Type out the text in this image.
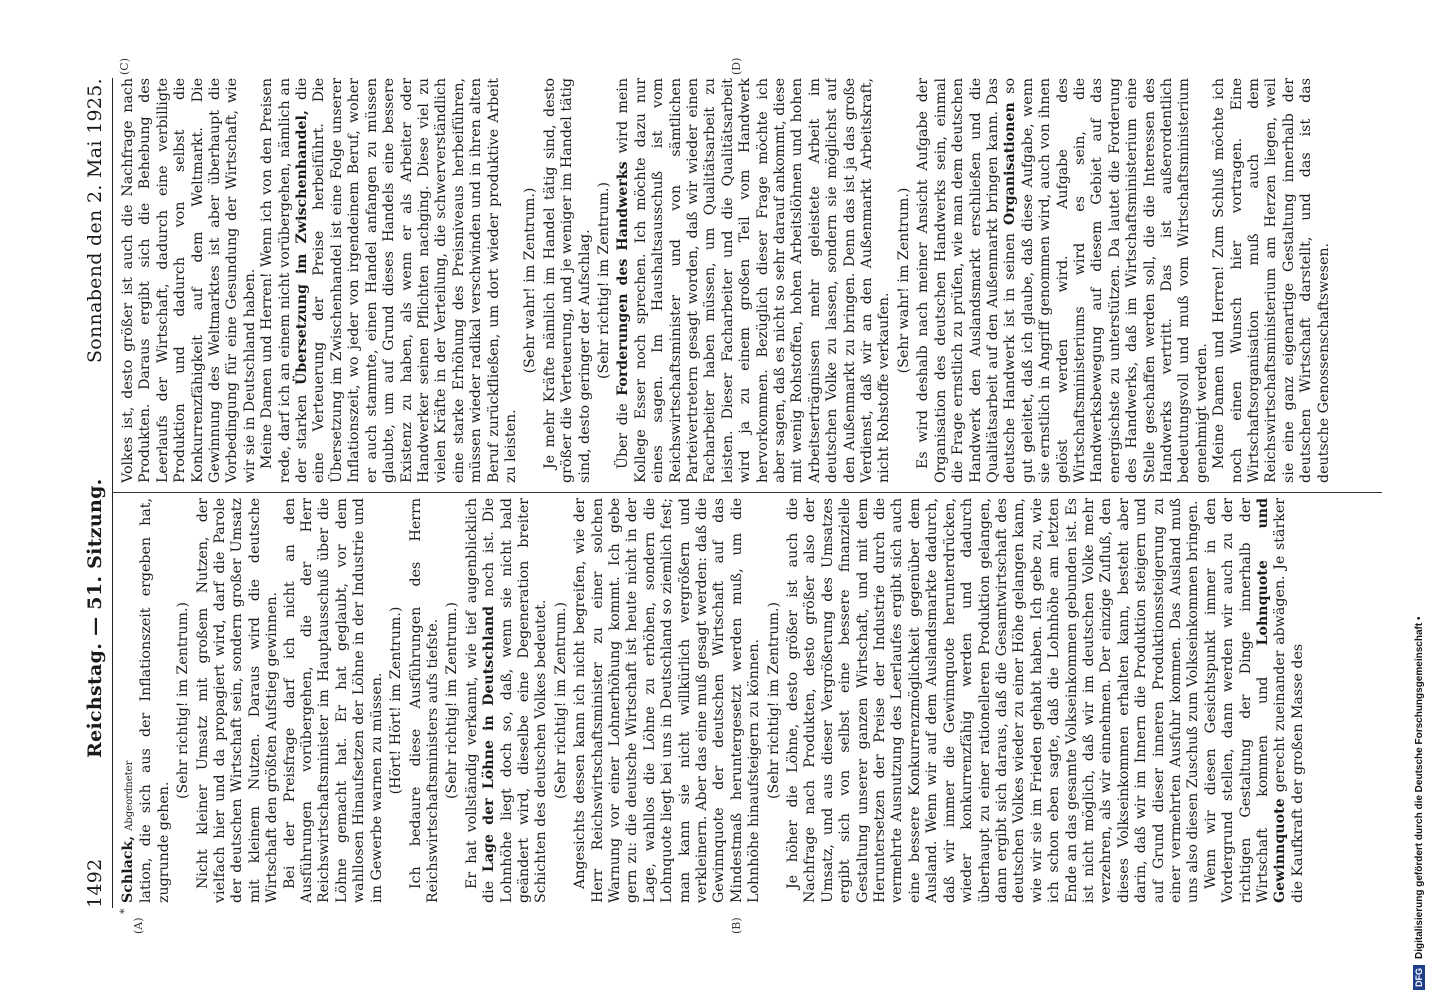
1492
Reichstag. — 51. Sitzung.
Sonnabend den 2. Mai 1925.
*
(A)	(B)
(C)	(D)

Schlack, Abgeordneter lation, die sich aus der Inflationszeit ergeben hat, zugrunde gehen.

(Sehr richtig! im Zentrum.) Nicht kleiner Umsatz mit großem Nutzen, der vielfach hier und da propagiert wird, darf die Parole der deutschen Wirtschaft sein, sondern großer Umsatz mit kleinem Nutzen. Daraus wird die deutsche Wirtschaft den größten Aufstieg gewinnen. Bei der Preisfrage darf ich nicht an den Ausführungen vorübergehen, die der Herr Reichswirtschaftsminister im Hauptausschuß über die Löhne gemacht hat. Er hat geglaubt, vor dem wahllosen Hinaufsetzen der Löhne in der Industrie und im Gewerbe warnen zu müssen. (Hört! Hört! im Zentrum.) Ich bedaure diese Ausführungen des Herrn Reichswirtschaftsministers aufs tiefste. (Sehr richtig! im Zentrum.) Er hat vollständig verkannt, wie tief augenblicklich die Lage der Löhne in Deutschland noch ist. Die Lohnhöhe liegt doch so, daß, wenn sie nicht bald geändert wird, dieselbe eine Degeneration breiter Schichten des deutschen Volkes bedeutet. (Sehr richtig! im Zentrum.) Angesichts dessen kann ich nicht begreifen, wie der Herr Reichswirtschaftsminister zu einer solchen Warnung vor einer Lohnerhöhung kommt. Ich gebe gern zu: die deutsche Wirtschaft ist heute nicht in der Lage, wahllos die Löhne zu erhöhen, sondern die Lohnquote liegt bei uns in Deutschland so ziemlich fest; man kann sie nicht willkürlich vergrößern und verkleinern. Aber das eine muß gesagt werden: daß die Gewinnquote der deutschen Wirtschaft auf das Mindestmaß heruntergesetzt werden muß, um die Lohnhöhe hinaufsteigern zu können. (Sehr richtig! im Zentrum.) Je höher die Löhne, desto größer ist auch die Nachfrage nach Produkten, desto größer also der Umsatz, und aus dieser Vergrößerung des Umsatzes ergibt sich von selbst eine bessere finanzielle Gestaltung unserer ganzen Wirtschaft, und mit dem Heruntersetzen der Preise der Industrie durch die vermehrte Ausnutzung des Leerlaufes ergibt sich auch eine bessere Konkurrenzmöglichkeit gegenüber dem Ausland. Wenn wir auf dem Auslandsmarkte dadurch, daß wir immer die Gewinnquote herunterdrücken, wieder konkurrenzfähig werden und dadurch überhaupt zu einer rationelleren Produktion gelangen, dann ergibt sich daraus, daß die Gesamtwirtschaft des deutschen Volkes wieder zu einer Höhe gelangen kann, wie wir sie im Frieden gehabt haben. Ich gebe zu, wie ich schon eben sagte, daß die Lohnhöhe am letzten Ende an das gesamte Volkseinkommen gebunden ist. Es ist nicht möglich, daß wir im deutschen Volke mehr verzehren, als wir einnehmen. Der einzige Zufluß, den dieses Volkseinkommen erhalten kann, besteht aber darin, daß wir im Innern die Produktion steigern und auf Grund dieser inneren Produktionssteigerung zu einer vermehrten Ausfuhr kommen. Das Ausland muß uns also diesen Zuschuß zum Volkseinkommen bringen. Wenn wir diesen Gesichtspunkt immer in den Vordergrund stellen, dann werden wir auch zu der richtigen Gestaltung der Dinge innerhalb der Wirtschaft kommen und Lohnquote und Gewinnquote gerecht zueinander abwägen. Je stärker die Kaufkraft der großen Masse des

Volkes ist, desto größer ist auch die Nachfrage nach Produkten. Daraus ergibt sich die Behebung des Leerlaufs der Wirtschaft, dadurch eine verbilligte Produktion und dadurch von selbst die Konkurrenzfähigkeit auf dem Weltmarkt. Die Gewinnung des Weltmarktes ist aber überhaupt die Vorbedingung für eine Gesundung der Wirtschaft, wie wir sie in Deutschland haben. Meine Damen und Herren! Wenn ich von den Preisen rede, darf ich an einem nicht vorübergehen, nämlich an der starken Übersetzung im Zwischenhandel, die eine Verteuerung der Preise herbeiführt. Die Übersetzung im Zwischenhandel ist eine Folge unserer Inflationszeit, wo jeder von irgendeinem Beruf, woher er auch stammte, einen Handel anfangen zu müssen glaubte, um auf Grund dieses Handels eine bessere Existenz zu haben, als wenn er als Arbeiter oder Handwerker seinen Pflichten nachging. Diese viel zu vielen Kräfte in der Verteilung, die schwerverständlich eine starke Erhöhung des Preisniveaus herbeiführen, müssen wieder radikal verschwinden und in ihren alten Beruf zurückfließen, um dort wieder produktive Arbeit zu leisten.

(Sehr wahr! im Zentrum.) Je mehr Kräfte nämlich im Handel tätig sind, desto größer die Verteuerung, und je weniger im Handel tätig sind, desto geringer der Aufschlag. (Sehr richtig! im Zentrum.)

Über die Forderungen des Handwerks wird mein Kollege Esser noch sprechen. Ich möchte dazu nur eines sagen. Im Haushaltsausschuß ist vom Reichswirtschaftsminister und von sämtlichen Parteivertretern gesagt worden, daß wir wieder einen Facharbeiter haben müssen, um Qualitätsarbeit zu leisten. Dieser Facharbeiter und die Qualitätsarbeit wird ja zu einem großen Teil vom Handwerk hervorkommen. Bezüglich dieser Frage möchte ich aber sagen, daß es nicht so sehr darauf ankommt, diese mit wenig Rohstoffen, hohen Arbeitslöhnen und hohen Arbeitserträgnissen mehr geleistete Arbeit im deutschen Volke zu lassen, sondern sie möglichst auf den Außenmarkt zu bringen. Denn das ist ja das große Verdienst, daß wir an den Außenmarkt Arbeitskraft, nicht Rohstoffe verkaufen.

(Sehr wahr! im Zentrum.) Es wird deshalb nach meiner Ansicht Aufgabe der Organisation des deutschen Handwerks sein, einmal die Frage ernstlich zu prüfen, wie man dem deutschen Handwerk den Auslandsmarkt erschließen und die Qualitätsarbeit auf den Außenmarkt bringen kann. Das deutsche Handwerk ist in seinen Organisationen so gut geleitet, daß ich glaube, daß diese Aufgabe, wenn sie ernstlich in Angriff genommen wird, auch von ihnen gelöst werden wird. Aufgabe des Wirtschaftsministeriums wird es sein, die Handwerksbewegung auf diesem Gebiet auf das energischste zu unterstützen. Da lautet die Forderung des Handwerks, daß im Wirtschaftsministerium eine Stelle geschaffen werden soll, die die Interessen des Handwerks vertritt. Das ist außerordentlich bedeutungsvoll und muß vom Wirtschaftsministerium genehmigt werden. Meine Damen und Herren! Zum Schluß möchte ich noch einen Wunsch hier vortragen. Eine Wirtschaftsorganisation muß auch dem Reichswirtschaftsministerium am Herzen liegen, weil sie eine ganz eigenartige Gestaltung innerhalb der deutschen Wirtschaft darstellt, und das ist das deutsche Genossenschaftswesen.

DFGDigitalisierung gefördert durch die Deutsche Forschungsgemeinschaft •
